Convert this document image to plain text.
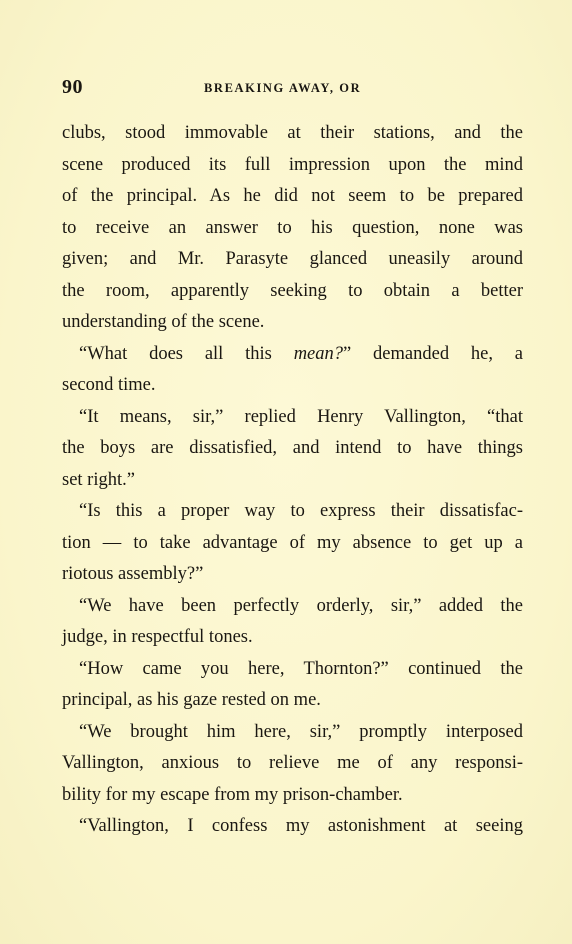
90	BREAKING AWAY, OR
clubs, stood immovable at their stations, and the
scene produced its full impression upon the mind
of the principal. As he did not seem to be prepared
to receive an answer to his question, none was
given; and Mr. Parasyte glanced uneasily around
the room, apparently seeking to obtain a better
understanding of the scene.
“What does all this mean?” demanded he, a
second time.
“It means, sir,” replied Henry Vallington, “that
the boys are dissatisfied, and intend to have things
set right.”
“Is this a proper way to express their dissatisfac-
tion — to take advantage of my absence to get up a
riotous assembly?”
“We have been perfectly orderly, sir,” added the
judge, in respectful tones.
“How came you here, Thornton?” continued the
principal, as his gaze rested on me.
“We brought him here, sir,” promptly interposed
Vallington, anxious to relieve me of any responsi-
bility for my escape from my prison-chamber.
“Vallington, I confess my astonishment at seeing
